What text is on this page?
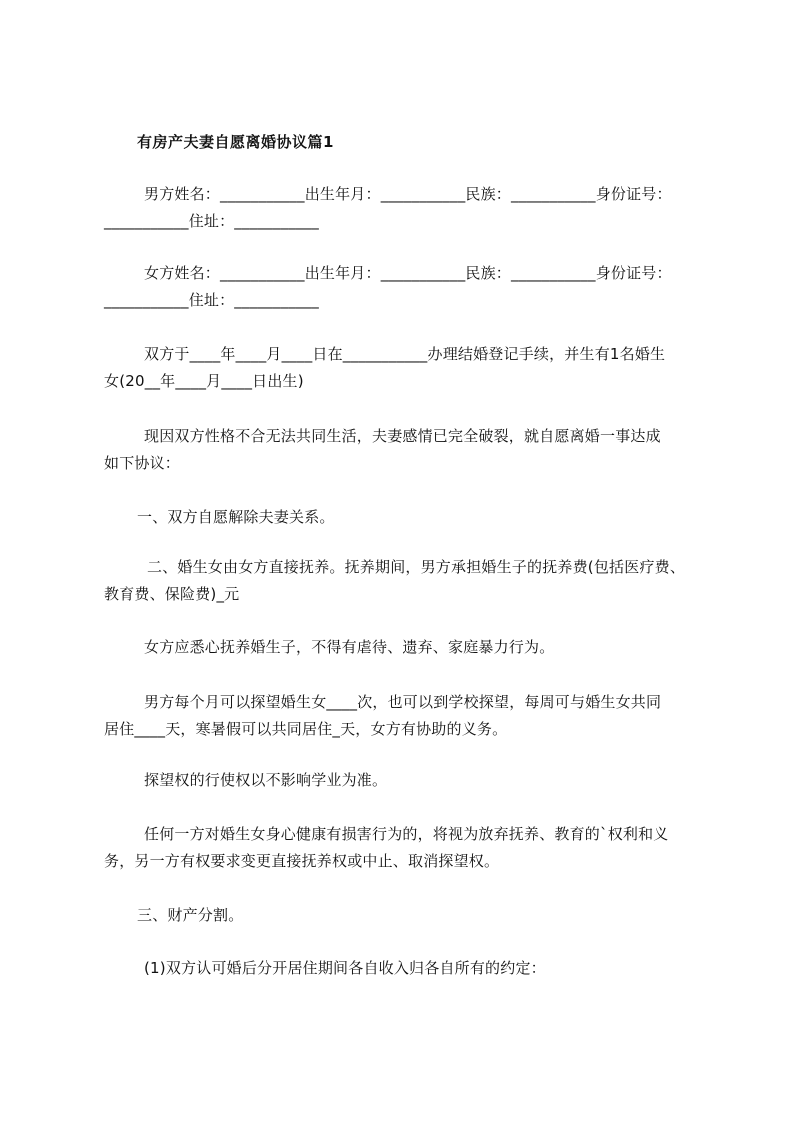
有房产夫妻自愿离婚协议篇1
男方姓名：___________出生年月：___________民族：___________身份证号：
___________住址：___________
女方姓名：___________出生年月：___________民族：___________身份证号：
___________住址：___________
双方于____年____月____日在___________办理结婚登记手续，并生有1名婚生
女(20__年____月____日出生)
现因双方性格不合无法共同生活，夫妻感情已完全破裂，就自愿离婚一事达成
如下协议：
一、双方自愿解除夫妻关系。
二、婚生女由女方直接抚养。抚养期间，男方承担婚生子的抚养费(包括医疗费、
教育费、保险费)_元
女方应悉心抚养婚生子，不得有虐待、遗弃、家庭暴力行为。
男方每个月可以探望婚生女____次，也可以到学校探望，每周可与婚生女共同
居住____天，寒暑假可以共同居住_天，女方有协助的义务。
探望权的行使权以不影响学业为准。
任何一方对婚生女身心健康有损害行为的，将视为放弃抚养、教育的`权利和义
务，另一方有权要求变更直接抚养权或中止、取消探望权。
三、财产分割。
(1)双方认可婚后分开居住期间各自收入归各自所有的约定：
